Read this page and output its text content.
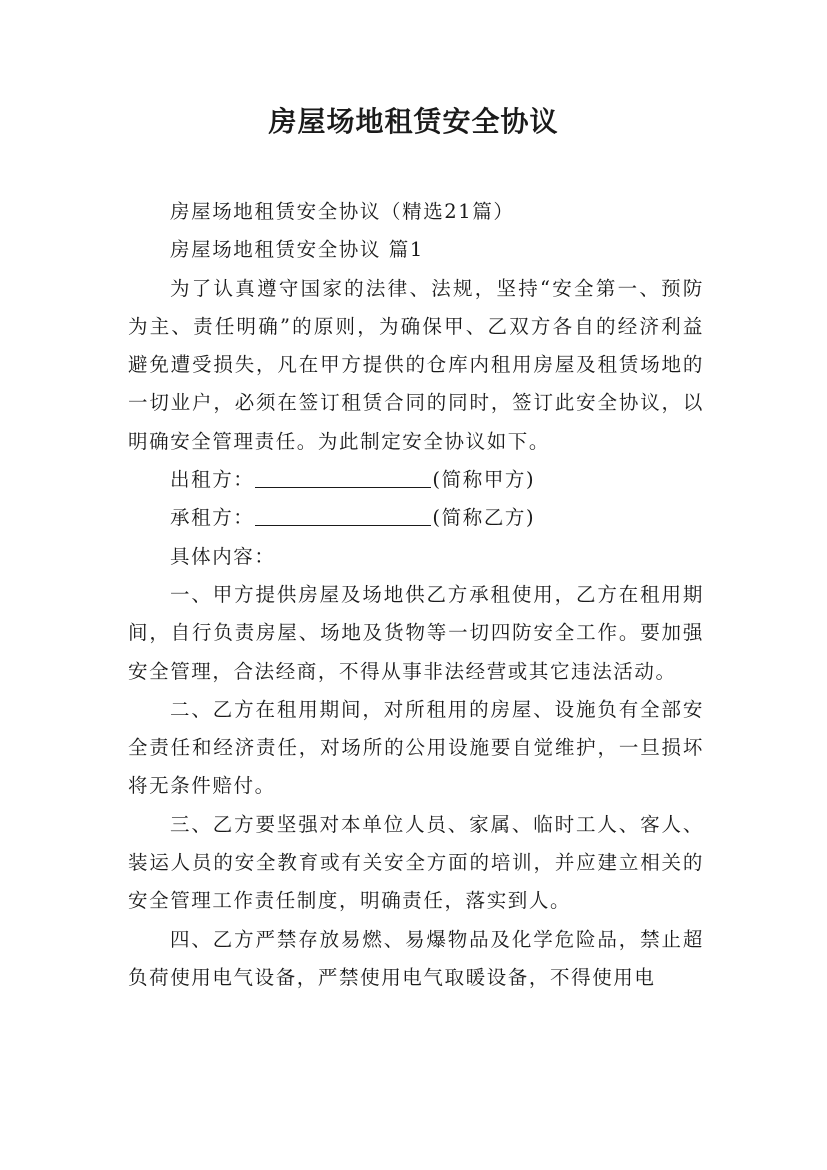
房屋场地租赁安全协议

房屋场地租赁安全协议（精选21篇）

房屋场地租赁安全协议 篇1

为了认真遵守国家的法律、法规，坚持“安全第一、预防为主、责任明确”的原则，为确保甲、乙双方各自的经济利益避免遭受损失，凡在甲方提供的仓库内租用房屋及租赁场地的一切业户，必须在签订租赁合同的同时，签订此安全协议，以明确安全管理责任。为此制定安全协议如下。

出租方：	(简称甲方)

承租方：	(简称乙方)

具体内容：

一、甲方提供房屋及场地供乙方承租使用，乙方在租用期间，自行负责房屋、场地及货物等一切四防安全工作。要加强安全管理，合法经商，不得从事非法经营或其它违法活动。

二、乙方在租用期间，对所租用的房屋、设施负有全部安全责任和经济责任，对场所的公用设施要自觉维护，一旦损坏将无条件赔付。

三、乙方要坚强对本单位人员、家属、临时工人、客人、装运人员的安全教育或有关安全方面的培训，并应建立相关的安全管理工作责任制度，明确责任，落实到人。

四、乙方严禁存放易燃、易爆物品及化学危险品，禁止超负荷使用电气设备，严禁使用电气取暖设备，不得使用电
